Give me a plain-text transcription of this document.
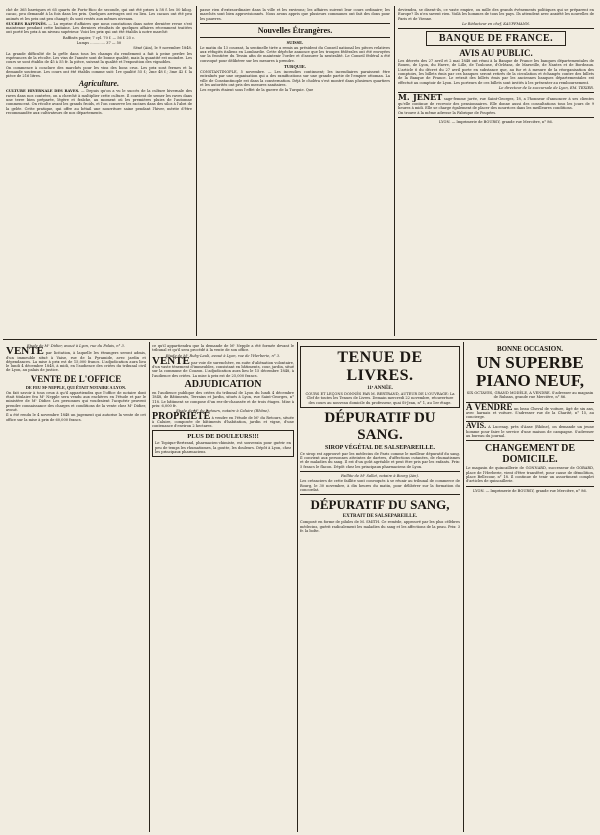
ché de 365 barriques et 65 quarts de Porto-Rico de seconde, qui ont été prises à 58 f. les 50 kilog. cacao, peu demandé à la fois dans les prix. Quelques arrivages ont eu lieu. Les cacaos ont été peu animés et les prix ont peu changé; ils sont restés aux mêmes niveaux.

SUCRES RAFFINÉS. — La reprise d'affaires que nous constations dans notre dernière revue s'est maintenue pendant cette huitaine. Les derniers résultats de quelques affaires récemment traitées ont porté les prix à un niveau supérieur. Voici les prix qui ont été établis à notre marché:

Raffinés papier, 7 cyl. 70 f. — 56 f. 25 c.

Lumps ............. 37 — 50

Séné (Ain), le 9 novembre 1848.

La grande difficulté de la grêle dans tous les champs du rendement a fait à peine perdre les espérances de la récolte. Les vins de l'année sont de bonne qualité, mais la quantité est moindre. Les cours se sont établis de 45 à 55 fr. la pièce, suivant la qualité et l'exposition des vignobles.

On commence à conclure des marchés pour les vins des bons crus. Les prix sont fermes et la demande soutenue. Les cours ont été établis comme suit: 1re qualité 55 f.; 2me 48 f.; 3me 42 f. la pièce de 216 litres.

Agriculture.

CULTURE HIVERNALE DES RAVES. — Depuis qu'on a vu le succès de la culture hivernale des raves dans nos contrées, on a cherché à multiplier cette culture. Il convient de semer les raves dans une terre bien préparée, légère et fraîche, au moment où les premières pluies de l'automne commencent. On récolte avant les grands froids, et l'on conserve les racines dans des silos à l'abri de la gelée. Cette pratique, qui offre au bétail une nourriture saine pendant l'hiver, mérite d'être recommandée aux cultivateurs de nos départements.

passe rien d'extraordinaire dans la ville et les environs; les affaires suivent leur cours ordinaire; les marchés sont bien approvisionnés. Nous avons appris que plusieurs communes ont fait des dons pour les pauvres.

Nouvelles Étrangères.
SUISSE.

Le matin du 13 courant, la sentinelle tirée a remis au président du Conseil national les pièces relatives aux réfugiés italiens en Lombardie. Cette dépêche annonce que les troupes fédérales ont été envoyées sur la frontière du Tessin afin de maintenir l'ordre et d'assurer la neutralité. Le Conseil fédéral a été convoqué pour délibérer sur les mesures à prendre.

TURQUIE.

CONSTANTINOPLE, 5 novembre. — Les incendies continuent; les incendiaires paraissent être entraînés par une organisation qui a des ramifications sur une grande partie de l'empire ottoman. La ville de Constantinople est dans la consternation. Déjà le choléra s'est montré dans plusieurs quartiers et les autorités ont pris des mesures sanitaires.

Les esprits étaient sous l'effet de la guerre de la Turquie. Que

deviendra, se disent-ils, ce vaste empire, ou mille des grands événements politiques qui se préparent en Europe? Ils n'en savent rien. Voilà les hommes de tous les pays. Ils attendent avec anxiété les nouvelles de Paris et de Vienne.

Le Rédacteur en chef, KAUFFMANN.

BANQUE DE FRANCE.
AVIS AU PUBLIC.

Les décrets des 27 avril et 2 mai 1848 ont réuni à la Banque de France les banques départementales de Rouen, de Lyon, du Havre, de Lille, de Toulouse, d'Orléans, de Marseille, de Nantes et de Bordeaux. L'article 6 du décret du 27 avril porte en substance que, au fur et à mesure de la réorganisation des comptoirs, les billets émis par ces banques seront retirés de la circulation et échangés contre des billets de la Banque de France. Le retrait des billets émis par les anciennes banques départementales est effectué au comptoir de Lyon. Les porteurs de ces billets sont invités à les présenter au remboursement.

Le directeur de la succursale de Lyon, EM. TEXIER.

M. JENET sage-femme jurée, rue Saint-Georges, 18, a l'honneur d'annoncer à ses clientes qu'elle continue de recevoir des pensionnaires. Elle donne aussi des consultations tous les jours de 9 heures à midi. Elle se charge également de placer des nourrices dans les meilleures conditions.

On trouve à la même adresse la Fabrique de Poupées.

LYON. — Imprimerie de BOURSY, grande rue Mercière, n° 86.

Etude de Mᵉ Didier, avoué à Lyon, rue du Palais, n° 3.

VENTE par licitation, à laquelle les étrangers seront admis, d'un immeuble situé à Vaise, rue de la Pyramide, avec jardin et dépendances. La mise à prix est de 15,000 francs. L'adjudication aura lieu le lundi 4 décembre 1848, à midi, en l'audience des criées du tribunal civil de Lyon, au palais de justice.

VENTE DE L'OFFICE
DE FEU Mᵉ NEPPLE, QUI ÉTAIT NOTAIRE A LYON.

On fait savoir à tous ceux à qu'il appartiendra que l'office de notaire dont était titulaire feu Mᵉ Nepple sera vendu aux enchères en l'étude et par le ministère de Mᵉ Didier. Les personnes qui voudraient l'acquérir peuvent prendre connaissance des charges et conditions de la vente chez Mᵉ Didier, avoué.

Il a été rendu le 4 novembre 1848 un jugement qui autorise la vente de cet office sur la mise à prix de 60,000 francs.

ce qu'il appartiendra que la demande de Mᵉ Nepple a été formée devant le tribunal et qu'il sera procédé à la vente de son office.

Etude de Mᵉ Ruby-Lauli, avoué à Lyon, rue de l'Herberie, n° 3.

VENTE par voie de surenchère, en suite d'aliénation volontaire, d'un vaste tènement d'immeubles, consistant en bâtiments, cour, jardin, situé sur la commune de Couzon. L'adjudication aura lieu le 15 décembre 1848, à l'audience des criées. La mise à prix est de 25,000 francs.

ADJUDICATION

en l'audience publique des criées du tribunal de Lyon du lundi 4 décembre 1848, de Bâtiments, Terrains et Jardin, situés à Lyon, rue Saint-Georges, n° 118. Le bâtiment se compose d'un rez-de-chaussée et de trois étages. Mise à prix: 6,000 fr.

Etude de Mᵉ du Retours, notaire à Caluire (Rhône).

PROPRIÉTÉ à vendre en l'étude de Mᵉ du Retours, située à Caluire, composée de bâtiments d'habitation, jardin et vigne, d'une contenance d'environ 2 hectares.

PLUS DE DOULEURS!!!

Le Topique-Bertrand, pharmacien-chimiste, est souverain pour guérir en peu de temps les rhumatismes, la goutte, les douleurs. Dépôt à Lyon, chez les principaux pharmaciens.

TENUE DE LIVRES.
11ᵉ ANNÉE.

COURS ET LEÇONS DONNÉS PAR M. BERTRAND, AUTEUR DE L'OUVRAGE: La Clef de toutes les Tenues de Livres. Demain mercredi 22 novembre, réouverture des cours au nouveau domicile du professeur, quai St-Jean, n° 1, au 1er étage.

DÉPURATIF DU SANG.
SIROP VÉGÉTAL DE SALSEPAREILLE.

Ce sirop est approuvé par les médecins de Paris comme le meilleur dépuratif du sang. Il convient aux personnes atteintes de dartres, d'affections cutanées, de rhumatismes et de maladies du sang. Il est d'un goût agréable et peut être pris par les enfants. Prix: 5 francs le flacon. Dépôt chez les principaux pharmaciens de Lyon.

Faillite de Mᵉ Sallet, notaire à Bourg (Ain).

Les créanciers de cette faillite sont convoqués à se réunir au tribunal de commerce de Bourg, le 30 novembre, à dix heures du matin, pour délibérer sur la formation du concordat.

DÉPURATIF DU SANG,
EXTRAIT DE SALSEPAREILLE.

Composé en forme de pilules de M. SMITH. Ce remède, approuvé par les plus célèbres médecins, guérit radicalement les maladies du sang et les affections de la peau. Prix: 3 fr. la boîte.

BONNE OCCASION.
UN SUPERBE PIANO NEUF,

SIX OCTAVES, GRAND MODÈLE, A VENDRE. S'adresser au magasin de Rubans, grande rue Mercière, n° 86.

A VENDRE un beau Cheval de voiture, âgé de six ans, avec harnais et voiture. S'adresser rue de la Charité, n° 15, au concierge.

AVIS. A Lucenay, près d'Anse (Rhône), on demande un jeune homme pour faire le service d'une maison de campagne. S'adresser au bureau du journal.

CHANGEMENT DE DOMICILE.

Le magasin de quincaillerie de GONNARD, successeur de GOBARD, place de l'Herberie, vient d'être transféré, pour cause de démolition, place Bellecour, n° 18. Il continue de tenir un assortiment complet d'articles de quincaillerie.

LYON. — Imprimerie de BOURSY, grande rue Mercière, n° 86.
